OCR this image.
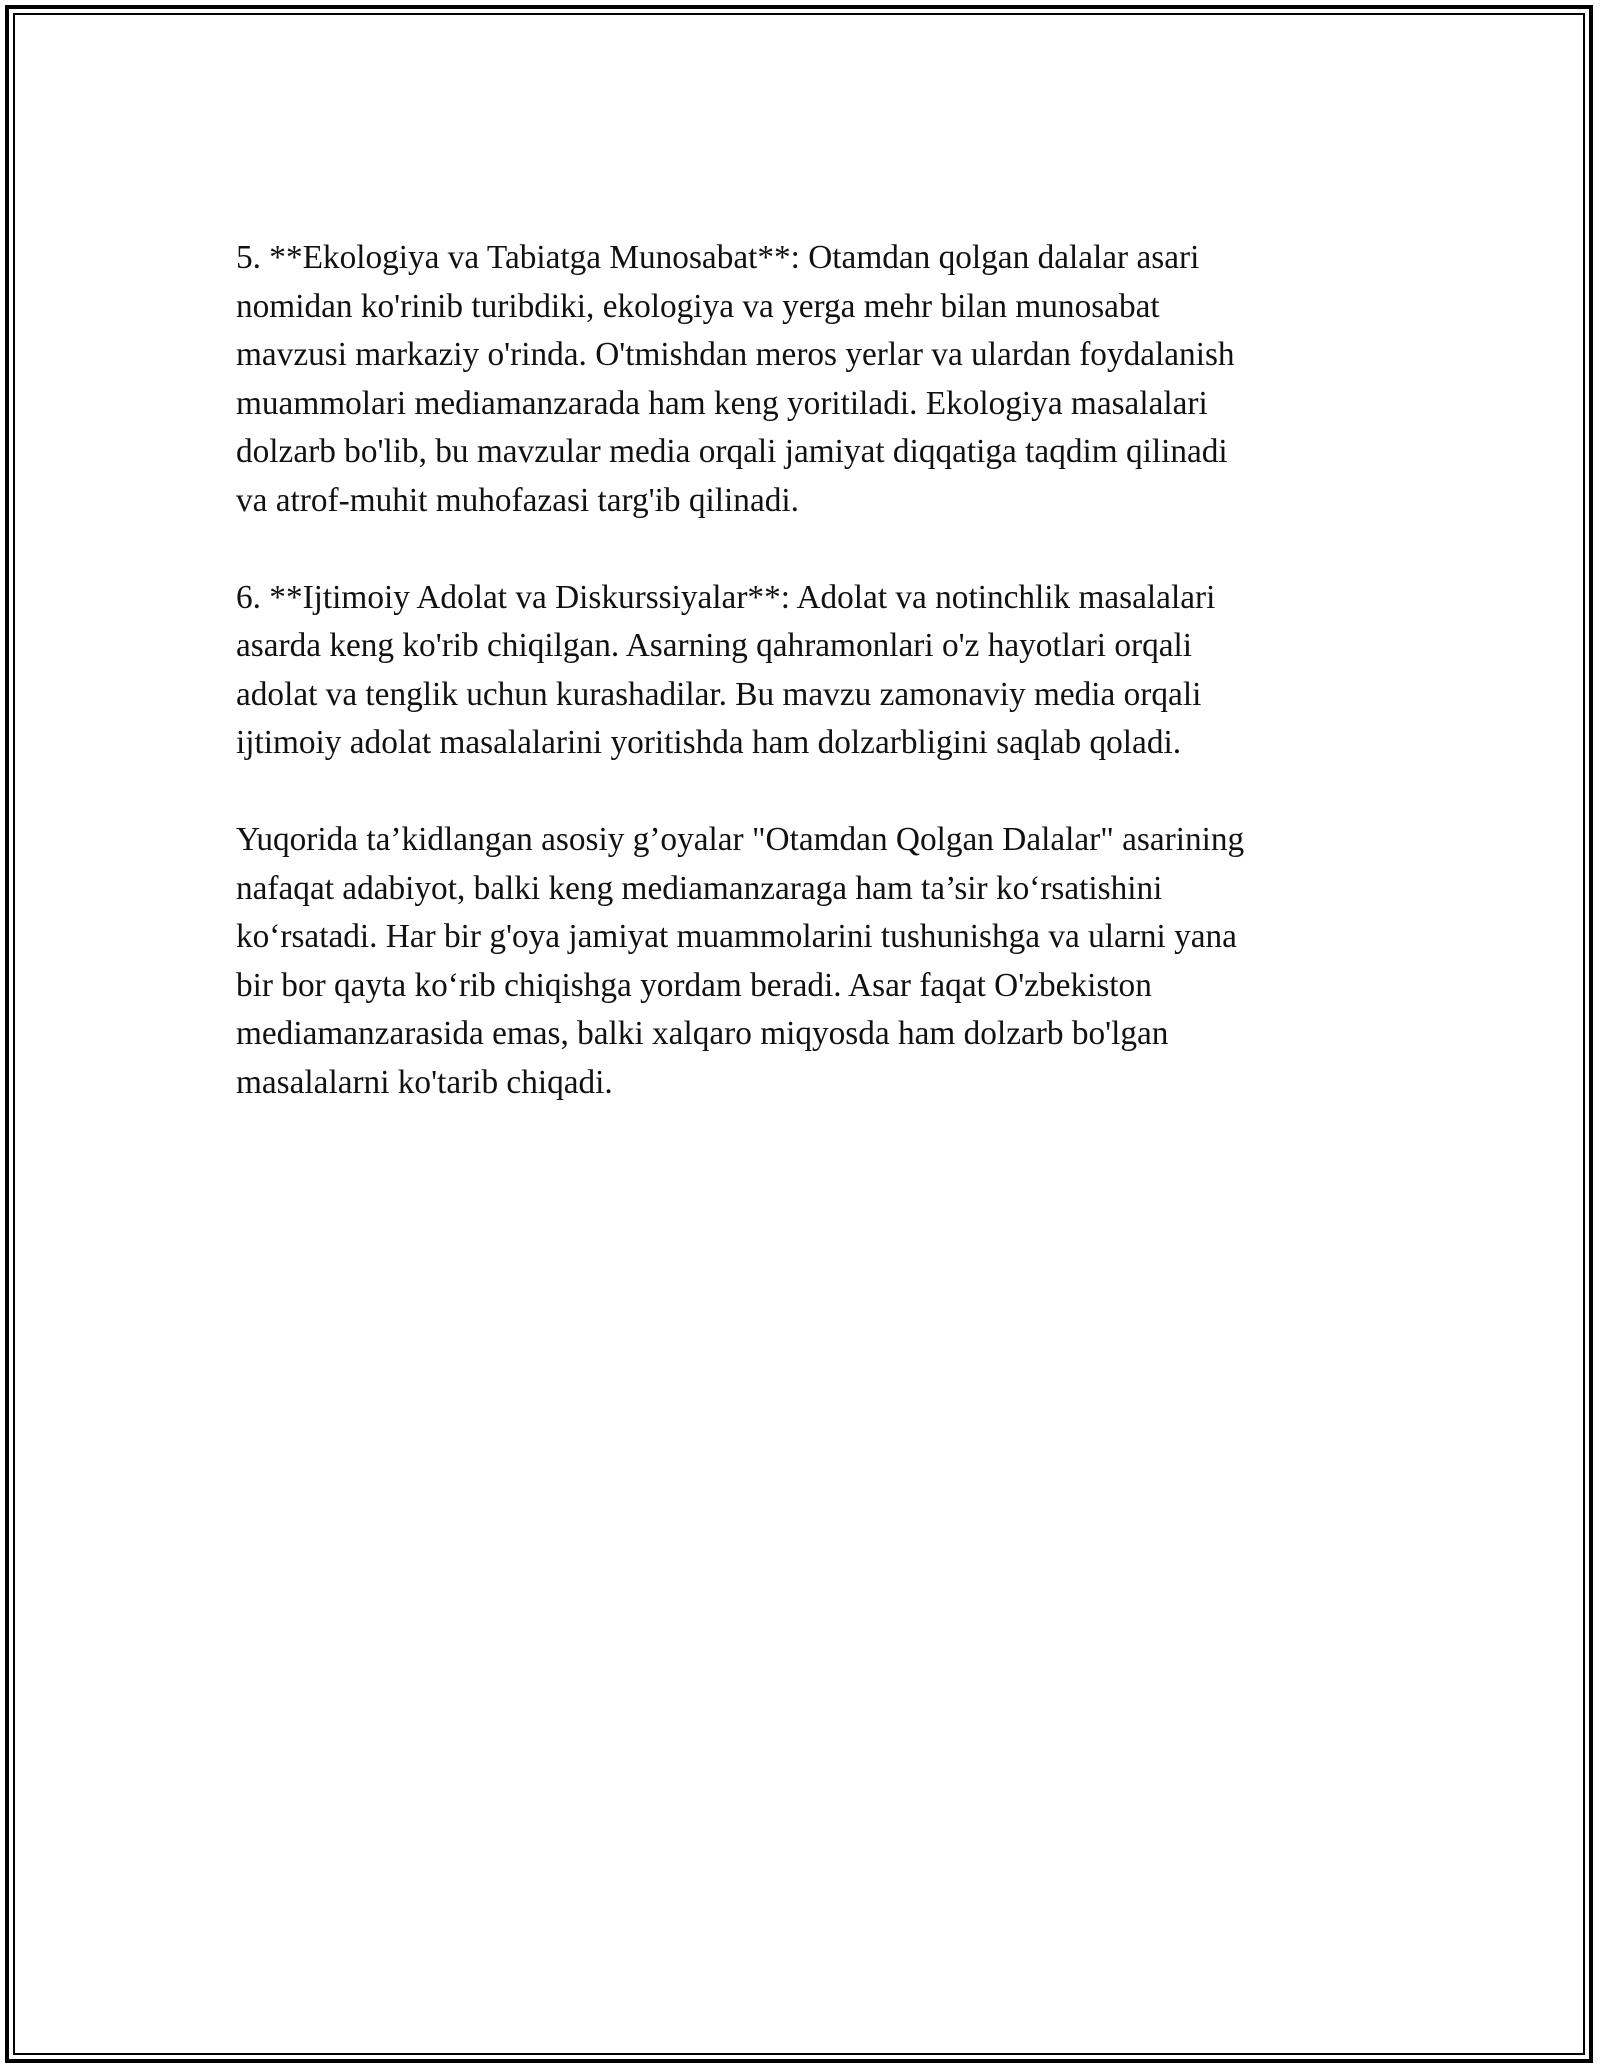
5. **Ekologiya va Tabiatga Munosabat**: Otamdan qolgan dalalar asari
nomidan ko'rinib turibdiki, ekologiya va yerga mehr bilan munosabat
mavzusi markaziy o'rinda. O'tmishdan meros yerlar va ulardan foydalanish
muammolari mediamanzarada ham keng yoritiladi. Ekologiya masalalari
dolzarb bo'lib, bu mavzular media orqali jamiyat diqqatiga taqdim qilinadi
va atrof-muhit muhofazasi targ'ib qilinadi.

6. **Ijtimoiy Adolat va Diskurssiyalar**: Adolat va notinchlik masalalari
asarda keng ko'rib chiqilgan. Asarning qahramonlari o'z hayotlari orqali
adolat va tenglik uchun kurashadilar. Bu mavzu zamonaviy media orqali
ijtimoiy adolat masalalarini yoritishda ham dolzarbligini saqlab qoladi.

Yuqorida ta’kidlangan asosiy g’oyalar "Otamdan Qolgan Dalalar" asarining
nafaqat adabiyot, balki keng mediamanzaraga ham ta’sir ko‘rsatishini
ko‘rsatadi. Har bir g'oya jamiyat muammolarini tushunishga va ularni yana
bir bor qayta ko‘rib chiqishga yordam beradi. Asar faqat O'zbekiston
mediamanzarasida emas, balki xalqaro miqyosda ham dolzarb bo'lgan
masalalarni ko'tarib chiqadi.
